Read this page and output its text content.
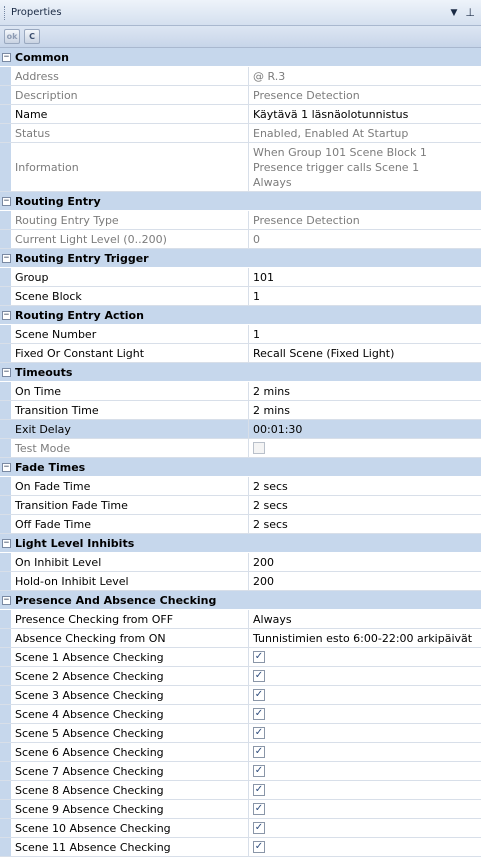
Properties	▼ ⊥
ok	C
− Common
Address	@ R.3
Description	Presence Detection
Name	Käytävä 1 läsnäolotunnistus
Status	Enabled, Enabled At Startup
Information
When Group 101 Scene Block 1
Presence trigger calls Scene 1
Always
− Routing Entry
Routing Entry Type	Presence Detection
Current Light Level (0..200)	0
− Routing Entry Trigger
Group	101
Scene Block	1
− Routing Entry Action
Scene Number	1
Fixed Or Constant Light	Recall Scene (Fixed Light)
− Timeouts
On Time	2 mins
Transition Time	2 mins
Exit Delay	00:01:30
Test Mode
− Fade Times
On Fade Time	2 secs
Transition Fade Time	2 secs
Off Fade Time	2 secs
− Light Level Inhibits
On Inhibit Level	200
Hold-on Inhibit Level	200
− Presence And Absence Checking
Presence Checking from OFF	Always
Absence Checking from ON	Tunnistimien esto 6:00-22:00 arkipäivät
Scene 1 Absence Checking	✓
Scene 2 Absence Checking	✓
Scene 3 Absence Checking	✓
Scene 4 Absence Checking	✓
Scene 5 Absence Checking	✓
Scene 6 Absence Checking	✓
Scene 7 Absence Checking	✓
Scene 8 Absence Checking	✓
Scene 9 Absence Checking	✓
Scene 10 Absence Checking	✓
Scene 11 Absence Checking	✓
